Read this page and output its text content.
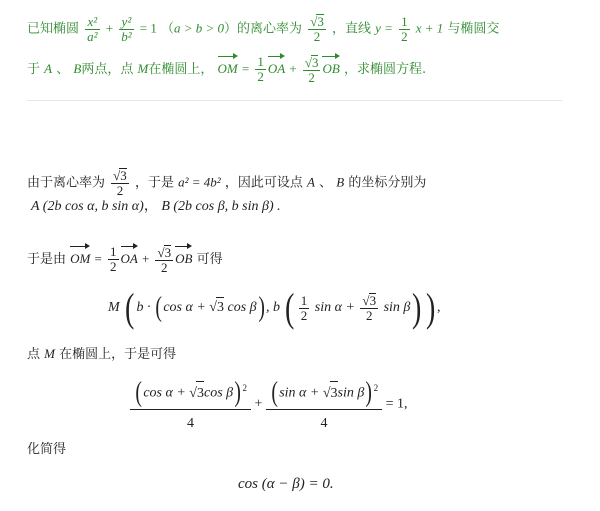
已知椭圆 $\frac{\text{x²}}{\text{a²}} + \frac{\text{y²}}{\text{b²}} = 1$ （a > b > 0）的离心率为 $\frac{√3}{2}$ ，直线 $y = \frac{1}{2}$ x + 1 与椭圆交
于 A 、 B两点，点 M在椭圆上， OM = $\frac{1}{2}$ OA + $\frac{√3}{2}$ OB ，求椭圆方程.
由于离心率为 $\frac{√3}{2}$ ，于是 a² = 4b² ，因此可设点 A 、 B 的坐标分别为
A (2b cos α, b sin α)， B (2b cos β, b sin β) .
于是由 OM = $\frac{1}{2}$ OA + $\frac{√3}{2}$ OB 可得
M ( b · (cos α + √3 cos β), b ( $\frac{1}{2}$ $\sin \alpha + \frac{√3}{2}$ sin β)) ,
点 M 在椭圆上，于是可得
$\frac{(\cos \alpha + √3\cos \beta)^2}{4} + \frac{(\sin \alpha + √3\sin \beta)^2}{4} = 1$,
化简得
cos (α − β) = 0.
